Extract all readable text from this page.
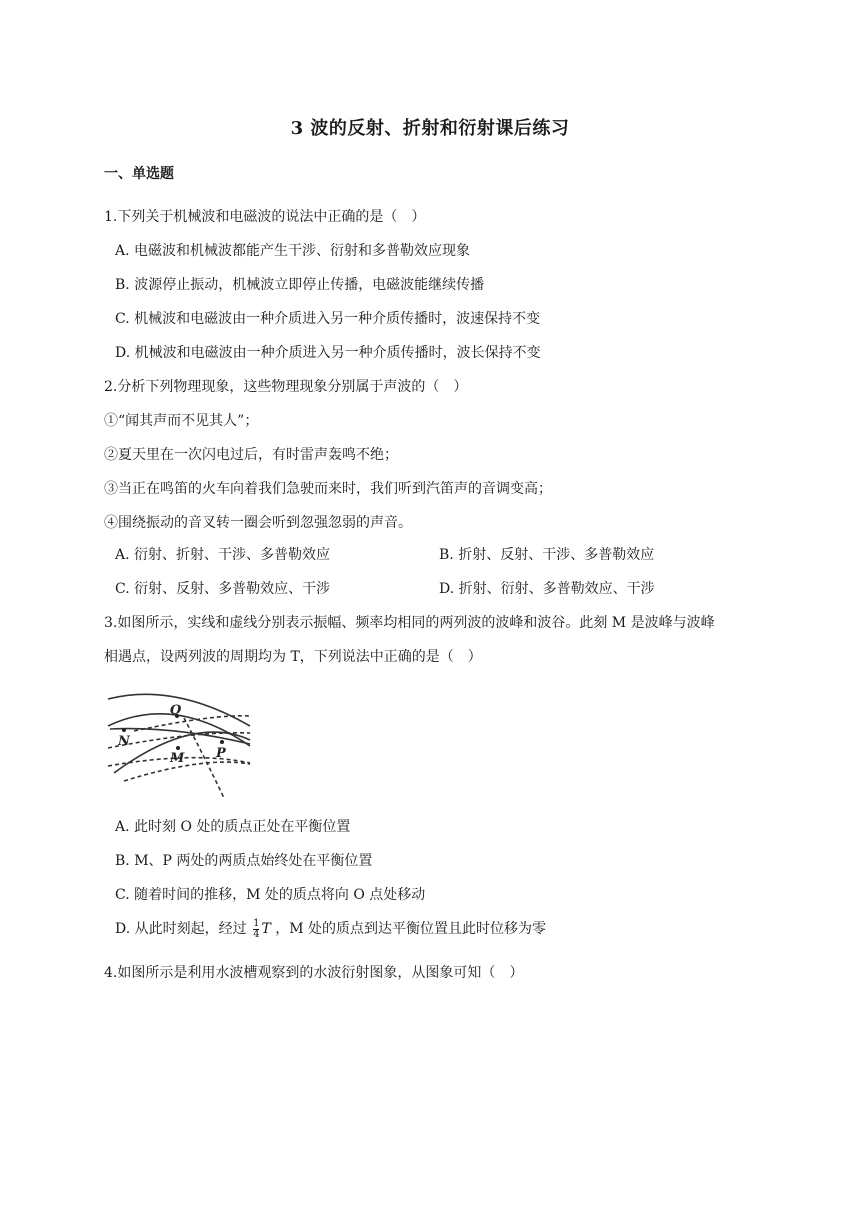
3 波的反射、折射和衍射课后练习
一、单选题
1.下列关于机械波和电磁波的说法中正确的是（　）
A. 电磁波和机械波都能产生干涉、衍射和多普勒效应现象
B. 波源停止振动，机械波立即停止传播，电磁波能继续传播
C. 机械波和电磁波由一种介质进入另一种介质传播时，波速保持不变
D. 机械波和电磁波由一种介质进入另一种介质传播时，波长保持不变
2.分析下列物理现象，这些物理现象分别属于声波的（　）
①“闻其声而不见其人”；
②夏天里在一次闪电过后，有时雷声轰鸣不绝；
③当正在鸣笛的火车向着我们急驶而来时，我们听到汽笛声的音调变高；
④围绕振动的音叉转一圈会听到忽强忽弱的声音。
A. 衍射、折射、干涉、多普勒效应	B. 折射、反射、干涉、多普勒效应
C. 衍射、反射、多普勒效应、干涉	D. 折射、衍射、多普勒效应、干涉
3.如图所示，实线和虚线分别表示振幅、频率均相同的两列波的波峰和波谷。此刻 M 是波峰与波峰
相遇点，设两列波的周期均为 T，下列说法中正确的是（　）
O
N
M P
A. 此时刻 O 处的质点正处在平衡位置
B. M、P 两处的两质点始终处在平衡位置
C. 随着时间的推移，M 处的质点将向 O 点处移动
D. 从此时刻起，经过 $\frac{1}{4}$ T ，M 处的质点到达平衡位置且此时位移为零
4.如图所示是利用水波槽观察到的水波衍射图象，从图象可知（　）
